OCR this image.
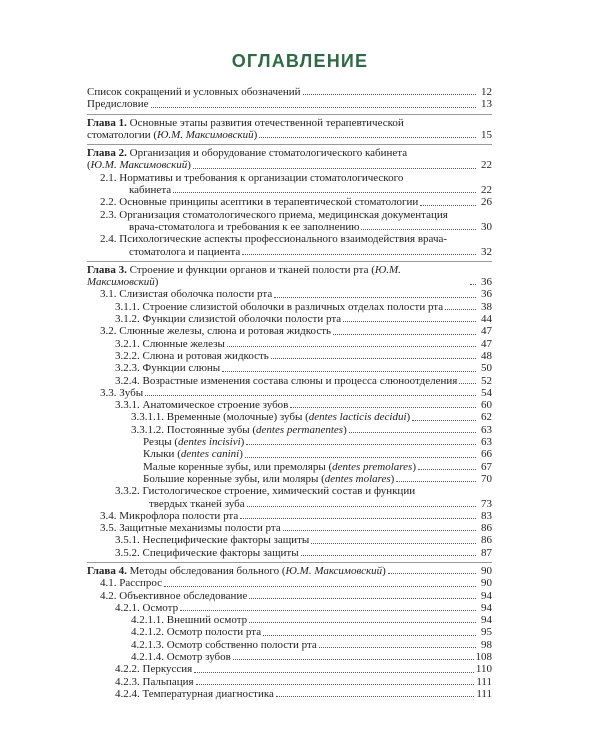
ОГЛАВЛЕНИЕ
Список сокращений и условных обозначений	12
Предисловие	13
Глава 1. Основные этапы развития отечественной терапевтической
стоматологии (Ю.М. Максимовский)	15
Глава 2. Организация и оборудование стоматологического кабинета
(Ю.М. Максимовский)	22
2.1. Нормативы и требования к организации стоматологического
кабинета	22
2.2. Основные принципы асептики в терапевтической стоматологии	26
2.3. Организация стоматологического приема, медицинская документация
врача-стоматолога и требования к ее заполнению	30
2.4. Психологические аспекты профессионального взаимодействия врача-
стоматолога и пациента	32
Глава 3. Строение и функции органов и тканей полости рта (Ю.М. Максимовский)	36
3.1. Слизистая оболочка полости рта	36
3.1.1. Строение слизистой оболочки в различных отделах полости рта	38
3.1.2. Функции слизистой оболочки полости рта	44
3.2. Слюнные железы, слюна и ротовая жидкость	47
3.2.1. Слюнные железы	47
3.2.2. Слюна и ротовая жидкость	48
3.2.3. Функции слюны	50
3.2.4. Возрастные изменения состава слюны и процесса слюноотделения 52
3.3. Зубы	54
3.3.1. Анатомическое строение зубов	60
3.3.1.1. Временные (молочные) зубы (dentes lacticis decidui)	62
3.3.1.2. Постоянные зубы (dentes permanentes)	63
Резцы (dentes incisivi)	63
Клыки (dentes canini)	66
Малые коренные зубы, или премоляры (dentes premolares)	67
Большие коренные зубы, или моляры (dentes molares)	70
3.3.2. Гистологическое строение, химический состав и функции
твердых тканей зуба	73
3.4. Микрофлора полости рта	83
3.5. Защитные механизмы полости рта	86
3.5.1. Неспецифические факторы защиты	86
3.5.2. Специфические факторы защиты	87
Глава 4. Методы обследования больного (Ю.М. Максимовский)	90
4.1. Расспрос	90
4.2. Объективное обследование	94
4.2.1. Осмотр	94
4.2.1.1. Внешний осмотр	94
4.2.1.2. Осмотр полости рта	95
4.2.1.3. Осмотр собственно полости рта	98
4.2.1.4. Осмотр зубов	108
4.2.2. Перкуссия	110
4.2.3. Пальпация	111
4.2.4. Температурная диагностика	111
